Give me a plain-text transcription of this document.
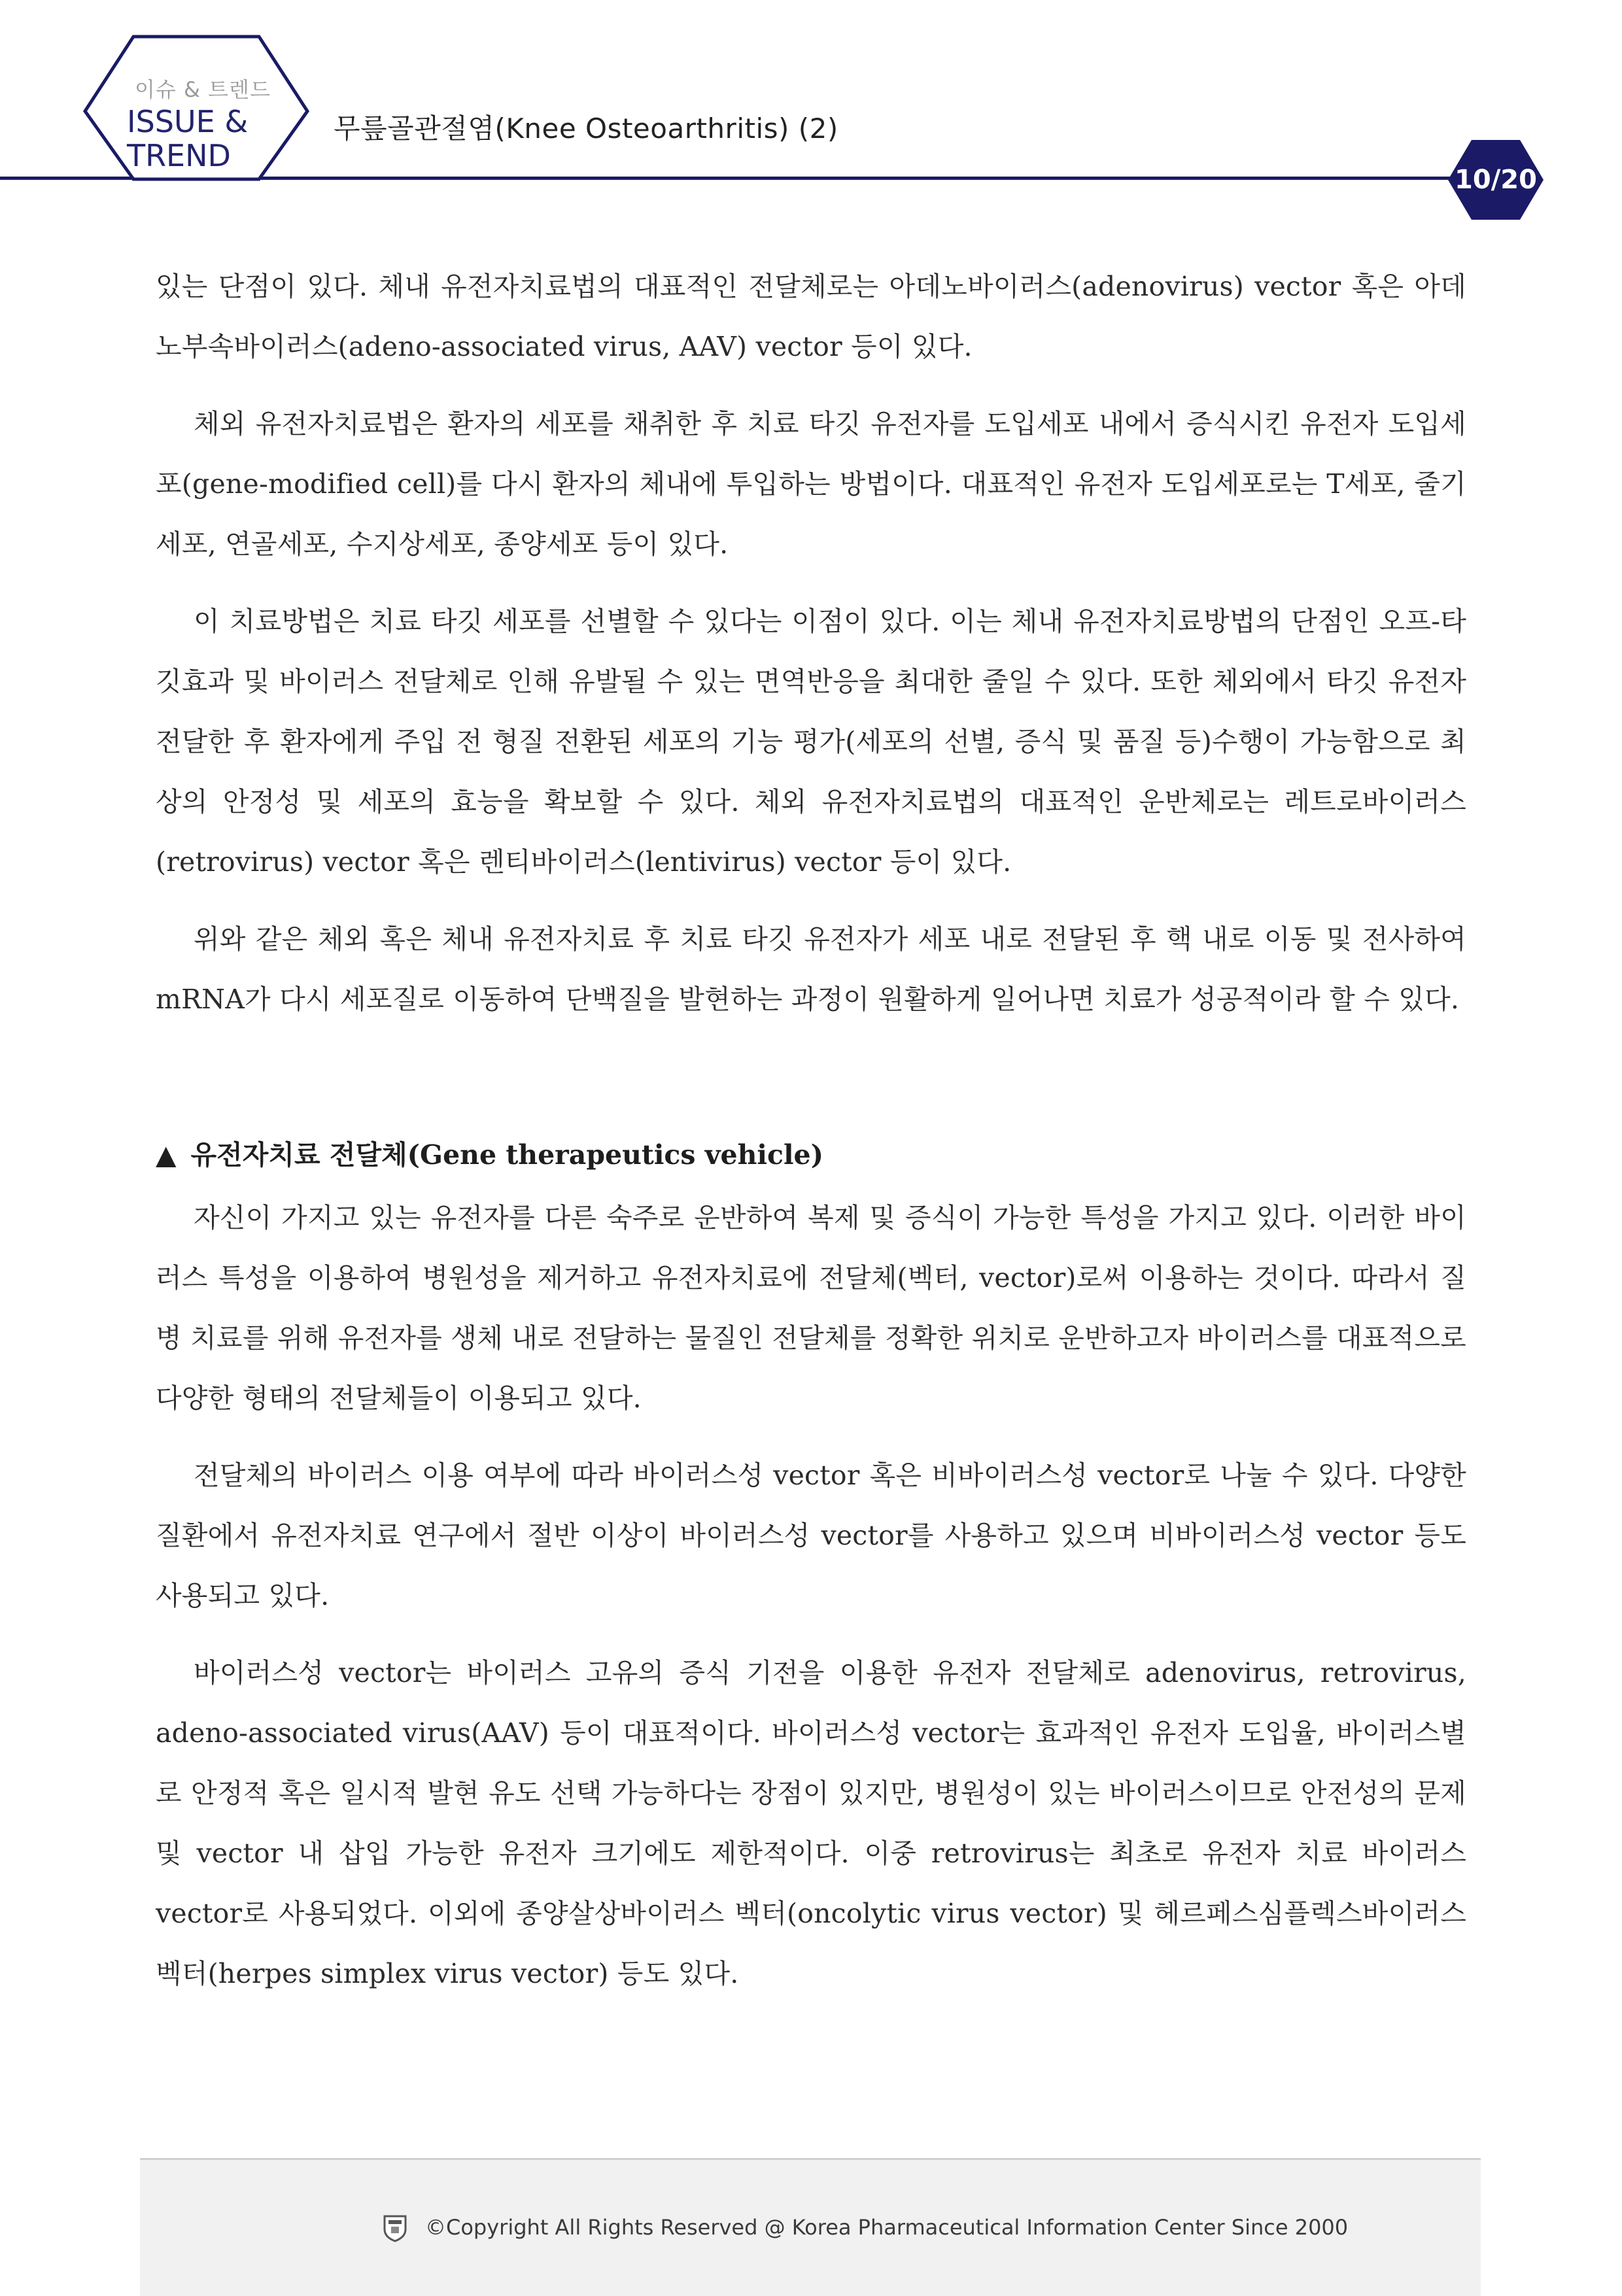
이슈 & 트렌드
ISSUE &
TREND
무릎골관절염(Knee Osteoarthritis) (2)
10/20

있는 단점이 있다. 체내 유전자치료법의 대표적인 전달체로는 아데노바이러스(adenovirus) vector 혹은 아데노부속바이러스(adeno-associated virus, AAV) vector 등이 있다.

체외 유전자치료법은 환자의 세포를 채취한 후 치료 타깃 유전자를 도입세포 내에서 증식시킨 유전자 도입세포(gene-modified cell)를 다시 환자의 체내에 투입하는 방법이다. 대표적인 유전자 도입세포로는 T세포, 줄기세포, 연골세포, 수지상세포, 종양세포 등이 있다.

이 치료방법은 치료 타깃 세포를 선별할 수 있다는 이점이 있다. 이는 체내 유전자치료방법의 단점인 오프-타깃효과 및 바이러스 전달체로 인해 유발될 수 있는 면역반응을 최대한 줄일 수 있다. 또한 체외에서 타깃 유전자 전달한 후 환자에게 주입 전 형질 전환된 세포의 기능 평가(세포의 선별, 증식 및 품질 등)수행이 가능함으로 최상의 안정성 및 세포의 효능을 확보할 수 있다. 체외 유전자치료법의 대표적인 운반체로는 레트로바이러스(retrovirus) vector 혹은 렌티바이러스(lentivirus) vector 등이 있다.

위와 같은 체외 혹은 체내 유전자치료 후 치료 타깃 유전자가 세포 내로 전달된 후 핵 내로 이동 및 전사하여 mRNA가 다시 세포질로 이동하여 단백질을 발현하는 과정이 원활하게 일어나면 치료가 성공적이라 할 수 있다.

▲ 유전자치료 전달체(Gene therapeutics vehicle)

자신이 가지고 있는 유전자를 다른 숙주로 운반하여 복제 및 증식이 가능한 특성을 가지고 있다. 이러한 바이러스 특성을 이용하여 병원성을 제거하고 유전자치료에 전달체(벡터, vector)로써 이용하는 것이다. 따라서 질병 치료를 위해 유전자를 생체 내로 전달하는 물질인 전달체를 정확한 위치로 운반하고자 바이러스를 대표적으로 다양한 형태의 전달체들이 이용되고 있다.

전달체의 바이러스 이용 여부에 따라 바이러스성 vector 혹은 비바이러스성 vector로 나눌 수 있다. 다양한 질환에서 유전자치료 연구에서 절반 이상이 바이러스성 vector를 사용하고 있으며 비바이러스성 vector 등도 사용되고 있다.

바이러스성 vector는 바이러스 고유의 증식 기전을 이용한 유전자 전달체로 adenovirus, retrovirus, adeno-associated virus(AAV) 등이 대표적이다. 바이러스성 vector는 효과적인 유전자 도입율, 바이러스별로 안정적 혹은 일시적 발현 유도 선택 가능하다는 장점이 있지만, 병원성이 있는 바이러스이므로 안전성의 문제 및 vector 내 삽입 가능한 유전자 크기에도 제한적이다. 이중 retrovirus는 최초로 유전자 치료 바이러스 vector로 사용되었다. 이외에 종양살상바이러스 벡터(oncolytic virus vector) 및 헤르페스심플렉스바이러스 벡터(herpes simplex virus vector) 등도 있다.

©Copyright All Rights Reserved @ Korea Pharmaceutical Information Center Since 2000
